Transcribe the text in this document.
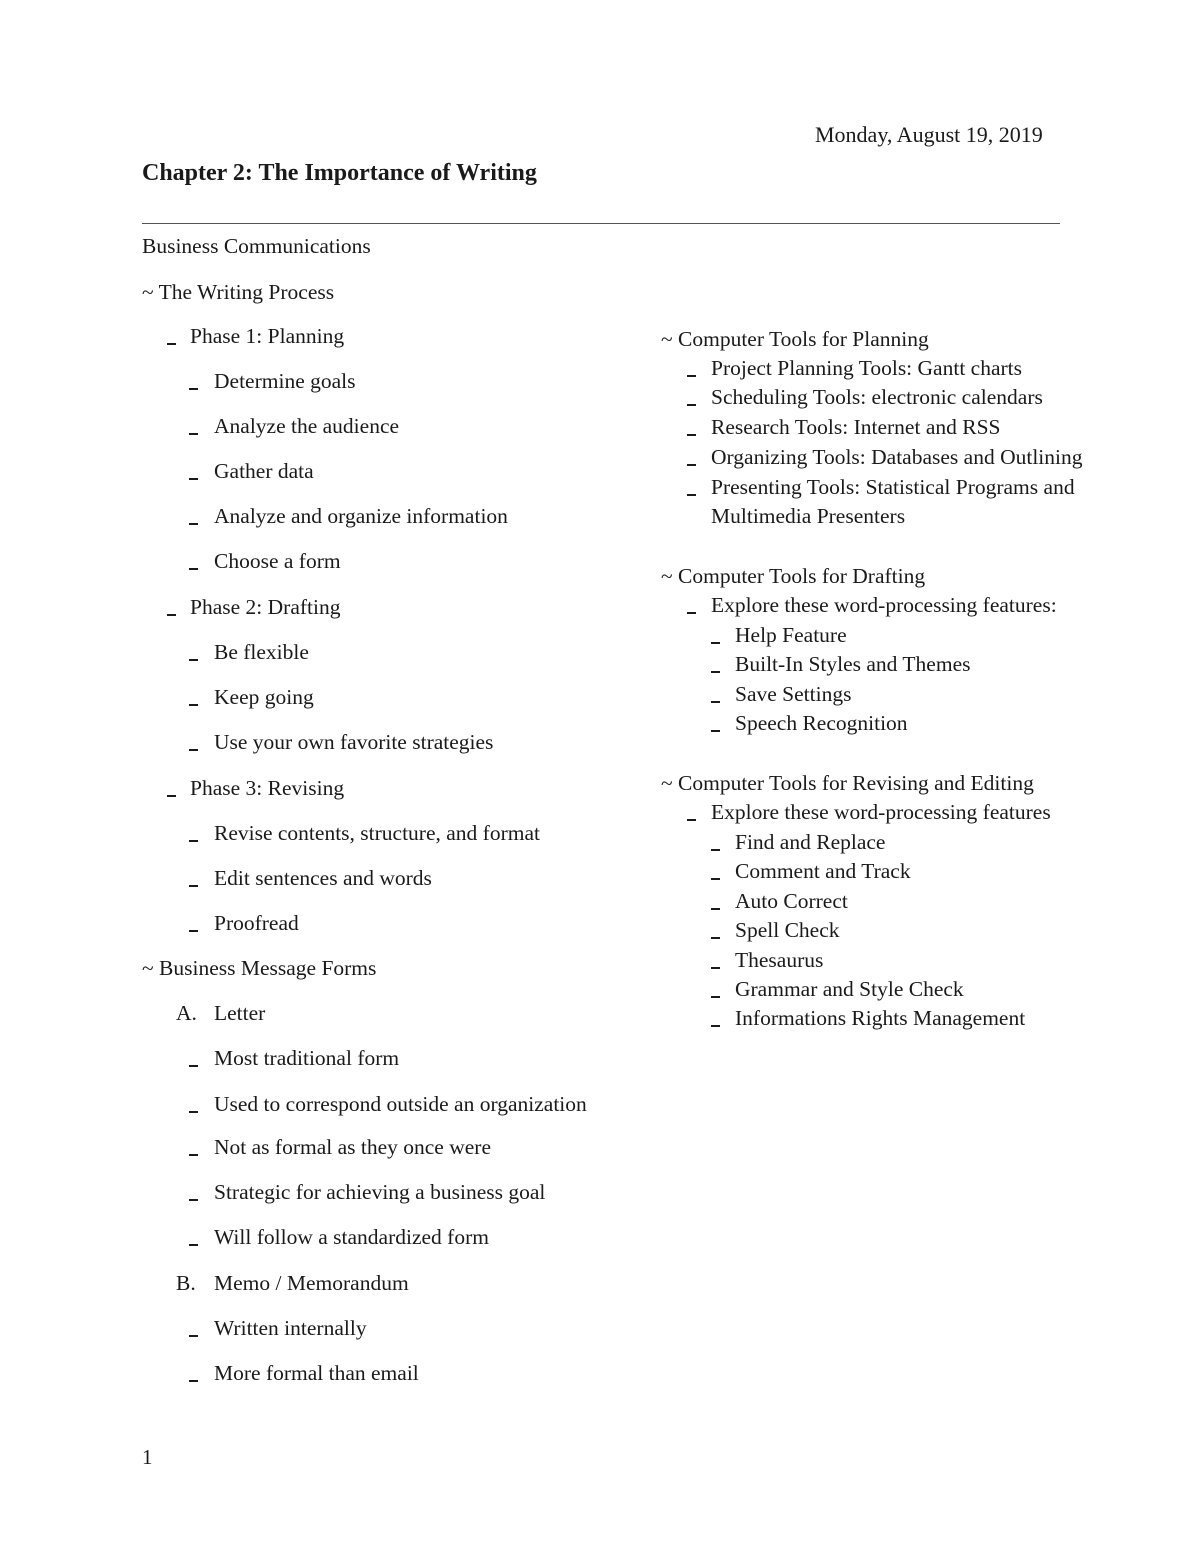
Monday, August 19, 2019
Chapter 2: The Importance of Writing
Business Communications
~ The Writing Process
Phase 1: Planning
Determine goals
Analyze the audience
Gather data
Analyze and organize information
Choose a form
Phase 2: Drafting
Be flexible
Keep going
Use your own favorite strategies
Phase 3: Revising
Revise contents, structure, and format
Edit sentences and words
Proofread
~ Business Message Forms
A. Letter
Most traditional form
Used to correspond outside an organization
Not as formal as they once were
Strategic for achieving a business goal
Will follow a standardized form
B. Memo / Memorandum
Written internally
More formal than email
~ Computer Tools for Planning
Project Planning Tools: Gantt charts
Scheduling Tools: electronic calendars
Research Tools: Internet and RSS
Organizing Tools: Databases and Outlining
Presenting Tools: Statistical Programs and
Multimedia Presenters
~ Computer Tools for Drafting
Explore these word-processing features:
Help Feature
Built-In Styles and Themes
Save Settings
Speech Recognition
~ Computer Tools for Revising and Editing
Explore these word-processing features
Find and Replace
Comment and Track
Auto Correct
Spell Check
Thesaurus
Grammar and Style Check
Informations Rights Management
1
